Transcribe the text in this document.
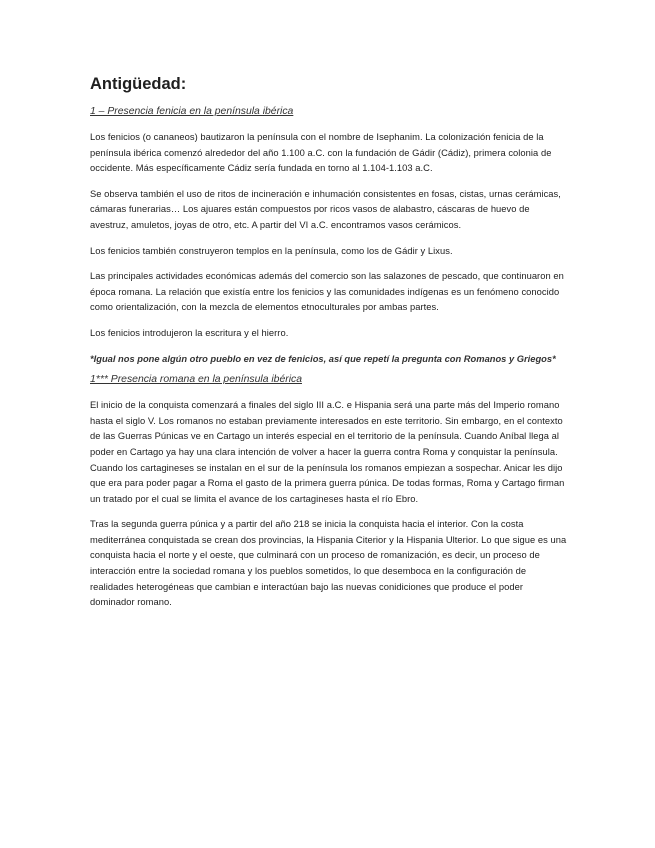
Antigüedad:
1 – Presencia fenicia en la península ibérica

Los fenicios (o cananeos) bautizaron la península con el nombre de Isephanim. La colonización fenicia de la península ibérica comenzó alrededor del año 1.100 a.C. con la fundación de Gádir (Cádiz), primera colonia de occidente. Más específicamente Cádiz sería fundada en torno al 1.104-1.103 a.C.

Se observa también el uso de ritos de incineración e inhumación consistentes en fosas, cistas, urnas cerámicas, cámaras funerarias… Los ajuares están compuestos por ricos vasos de alabastro, cáscaras de huevo de avestruz, amuletos, joyas de otro, etc. A partir del VI a.C. encontramos vasos cerámicos.

Los fenicios también construyeron templos en la península, como los de Gádir y Lixus.

Las principales actividades económicas además del comercio son las salazones de pescado, que continuaron en época romana. La relación que existía entre los fenicios y las comunidades indígenas es un fenómeno conocido como orientalización, con la mezcla de elementos etnoculturales por ambas partes.

Los fenicios introdujeron la escritura y el hierro.

*Igual nos pone algún otro pueblo en vez de fenicios, así que repetí la pregunta con Romanos y Griegos*

1*** Presencia romana en la península ibérica

El inicio de la conquista comenzará a finales del siglo III a.C. e Hispania será una parte más del Imperio romano hasta el siglo V. Los romanos no estaban previamente interesados en este territorio. Sin embargo, en el contexto de las Guerras Púnicas ve en Cartago un interés especial en el territorio de la península. Cuando Aníbal llega al poder en Cartago ya hay una clara intención de volver a hacer la guerra contra Roma y conquistar la península. Cuando los cartagineses se instalan en el sur de la península los romanos empiezan a sospechar. Anicar les dijo que era para poder pagar a Roma el gasto de la primera guerra púnica. De todas formas, Roma y Cartago firman un tratado por el cual se limita el avance de los cartagineses hasta el río Ebro.

Tras la segunda guerra púnica y a partir del año 218 se inicia la conquista hacia el interior. Con la costa mediterránea conquistada se crean dos provincias, la Hispania Citerior y la Hispania Ulterior. Lo que sigue es una conquista hacia el norte y el oeste, que culminará con un proceso de romanización, es decir, un proceso de interacción entre la sociedad romana y los pueblos sometidos, lo que desemboca en la configuración de realidades heterogéneas que cambian e interactúan bajo las nuevas conidiciones que produce el poder dominador romano.
